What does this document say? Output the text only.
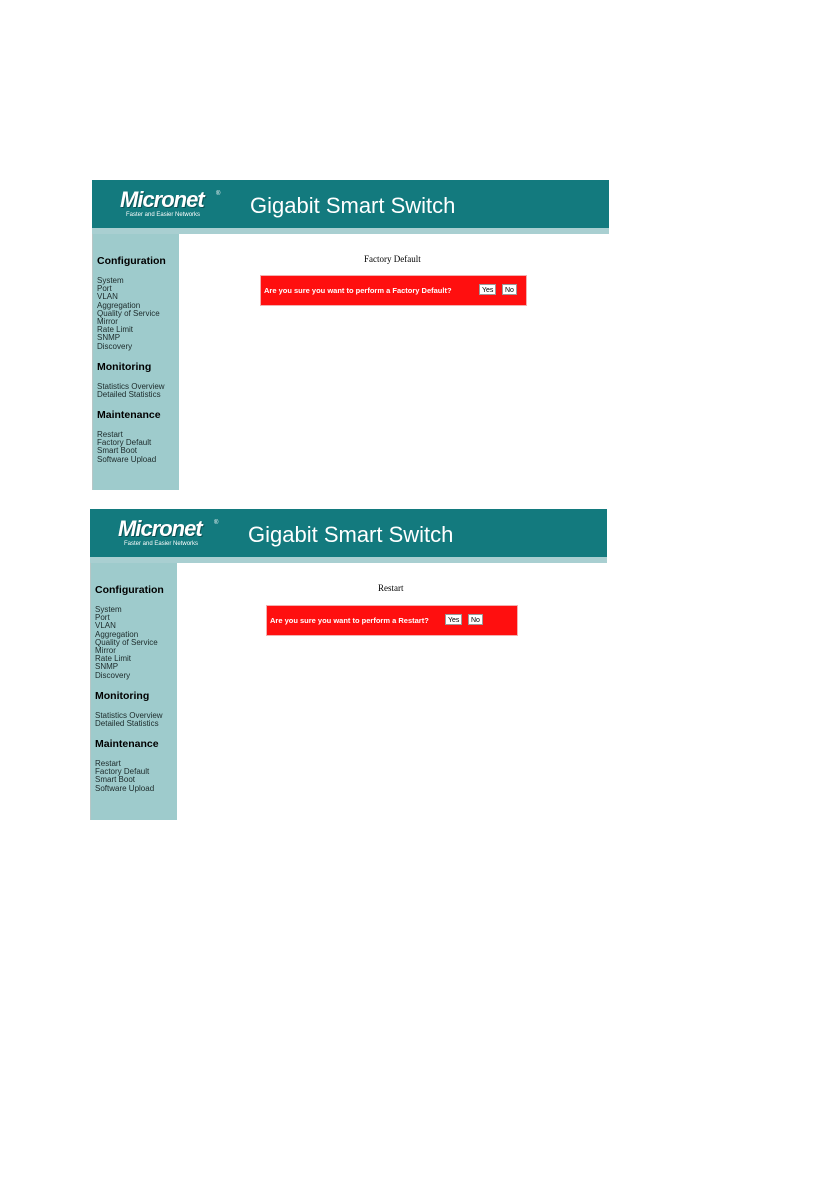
Micronet	®
Faster and Easier Networks	Gigabit Smart Switch
Configuration
System
Port
VLAN
Aggregation
Quality of Service
Mirror
Rate Limit
SNMP
Discovery
Monitoring
Statistics Overview
Detailed Statistics
Maintenance
Restart
Factory Default
Smart Boot
Software Upload
Factory Default
Are you sure you want to perform a Factory Default?	Yes	No
Micronet	®
Faster and Easier Networks	Gigabit Smart Switch
Configuration
System
Port
VLAN
Aggregation
Quality of Service
Mirror
Rate Limit
SNMP
Discovery
Monitoring
Statistics Overview
Detailed Statistics
Maintenance
Restart
Factory Default
Smart Boot
Software Upload
Restart
Are you sure you want to perform a Restart?	Yes	No
